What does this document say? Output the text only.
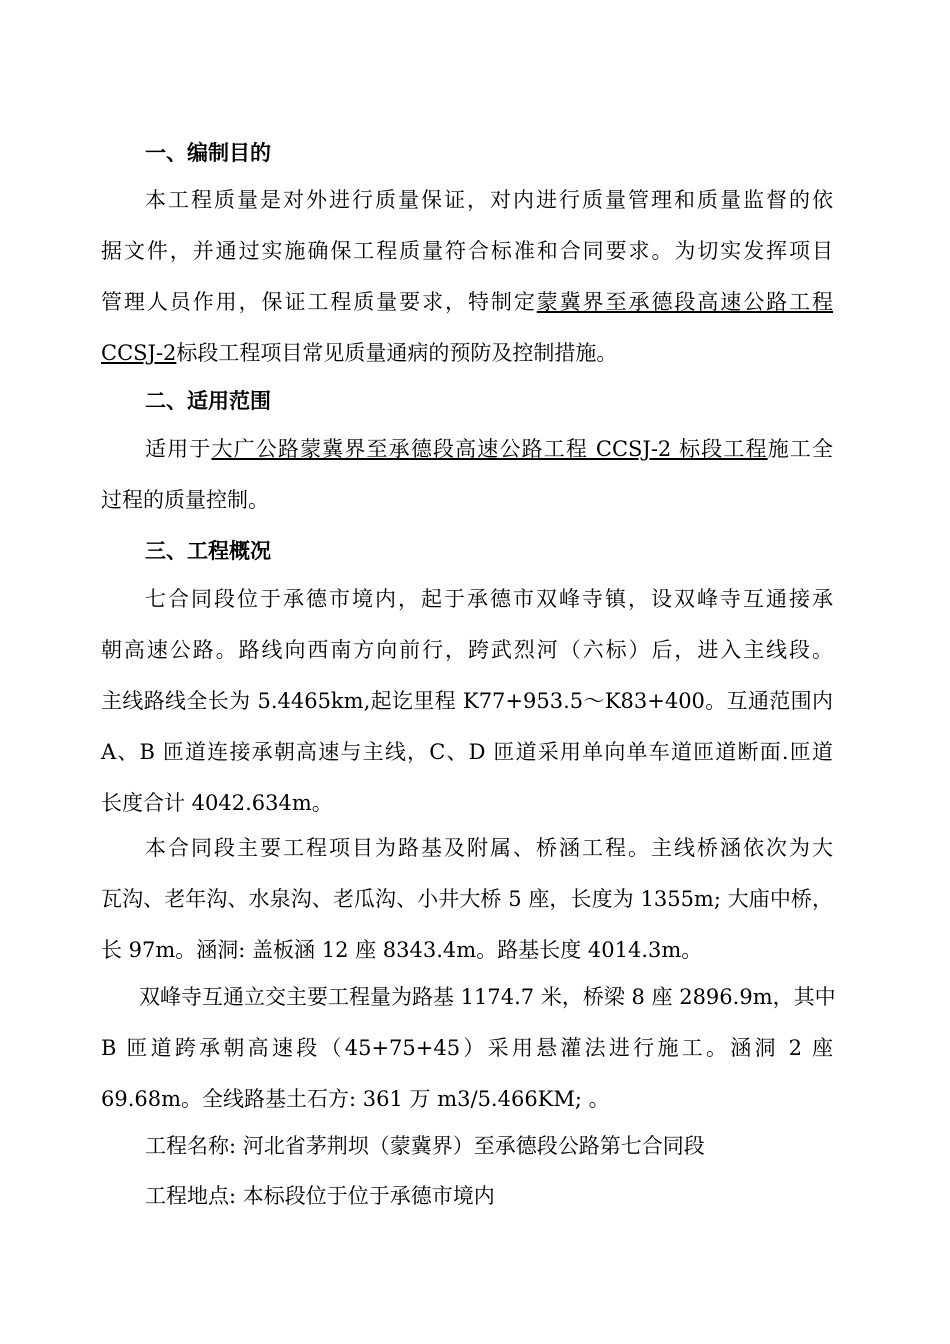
一、编制目的
本工程质量是对外进行质量保证，对内进行质量管理和质量监督的依
据文件，并通过实施确保工程质量符合标准和合同要求。为切实发挥项目
管理人员作用，保证工程质量要求，特制定蒙冀界至承德段高速公路工程
CCSJ-2标段工程项目常见质量通病的预防及控制措施。
二、适用范围
适用于大广公路蒙冀界至承德段高速公路工程 CCSJ-2 标段工程施工全
过程的质量控制。
三、工程概况
七合同段位于承德市境内，起于承德市双峰寺镇，设双峰寺互通接承
朝高速公路。路线向西南方向前行，跨武烈河（六标）后，进入主线段。
主线路线全长为 5.4465km,起讫里程 K77+953.5～K83+400。互通范围内
A、B 匝道连接承朝高速与主线，C、D 匝道采用单向单车道匝道断面.匝道
长度合计 4042.634m。
本合同段主要工程项目为路基及附属、桥涵工程。主线桥涵依次为大
瓦沟、老年沟、水泉沟、老瓜沟、小井大桥 5 座，长度为 1355m; 大庙中桥，
长 97m。涵洞: 盖板涵 12 座 8343.4m。路基长度 4014.3m。
双峰寺互通立交主要工程量为路基 1174.7 米，桥梁 8 座 2896.9m，其中
B 匝道跨承朝高速段（45+75+45）采用悬灌法进行施工。涵洞 2 座
69.68m。全线路基土石方: 361 万 m3/5.466KM; 。
工程名称: 河北省茅荆坝（蒙冀界）至承德段公路第七合同段
工程地点: 本标段位于位于承德市境内
